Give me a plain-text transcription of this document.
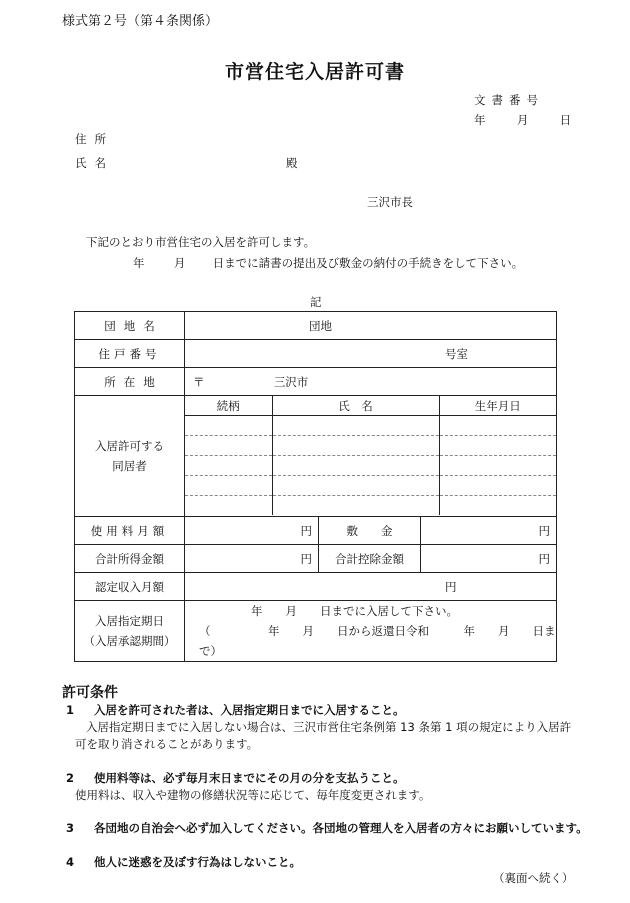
様式第２号（第４条関係）
市営住宅入居許可書
文書番号
年	月	日
住所
氏名	殿
三沢市長
下記のとおり市営住宅の入居を許可します。
年	月 日までに請書の提出及び敷金の納付の手続きをして下さい。
記
団地名	団地
住戸番号	号室
所在地	〒	三沢市

入居許可する
同居者

続柄	氏　名	生年月日

使用料月額	円	敷　　金	円
合計所得金額	円	合計控除金額	円
認定収入月額	円

入居指定期日
（入居承認期間）

年　　月　　日までに入居して下さい。
（　　　　　年　　月　　日から返還日令和　　　年　　月　　日まで）
許可条件
1 入居を許可された者は、入居指定期日までに入居すること。
入居指定期日までに入居しない場合は、三沢市営住宅条例第 13 条第 1 項の規定により入居許
可を取り消されることがあります。
2 使用料等は、必ず毎月末日までにその月の分を支払うこと。
使用料は、収入や建物の修繕状況等に応じて、毎年度変更されます。
3 各団地の自治会へ必ず加入してください。各団地の管理人を入居者の方々にお願いしています。
4 他人に迷惑を及ぼす行為はしないこと。
（裏面へ続く）
